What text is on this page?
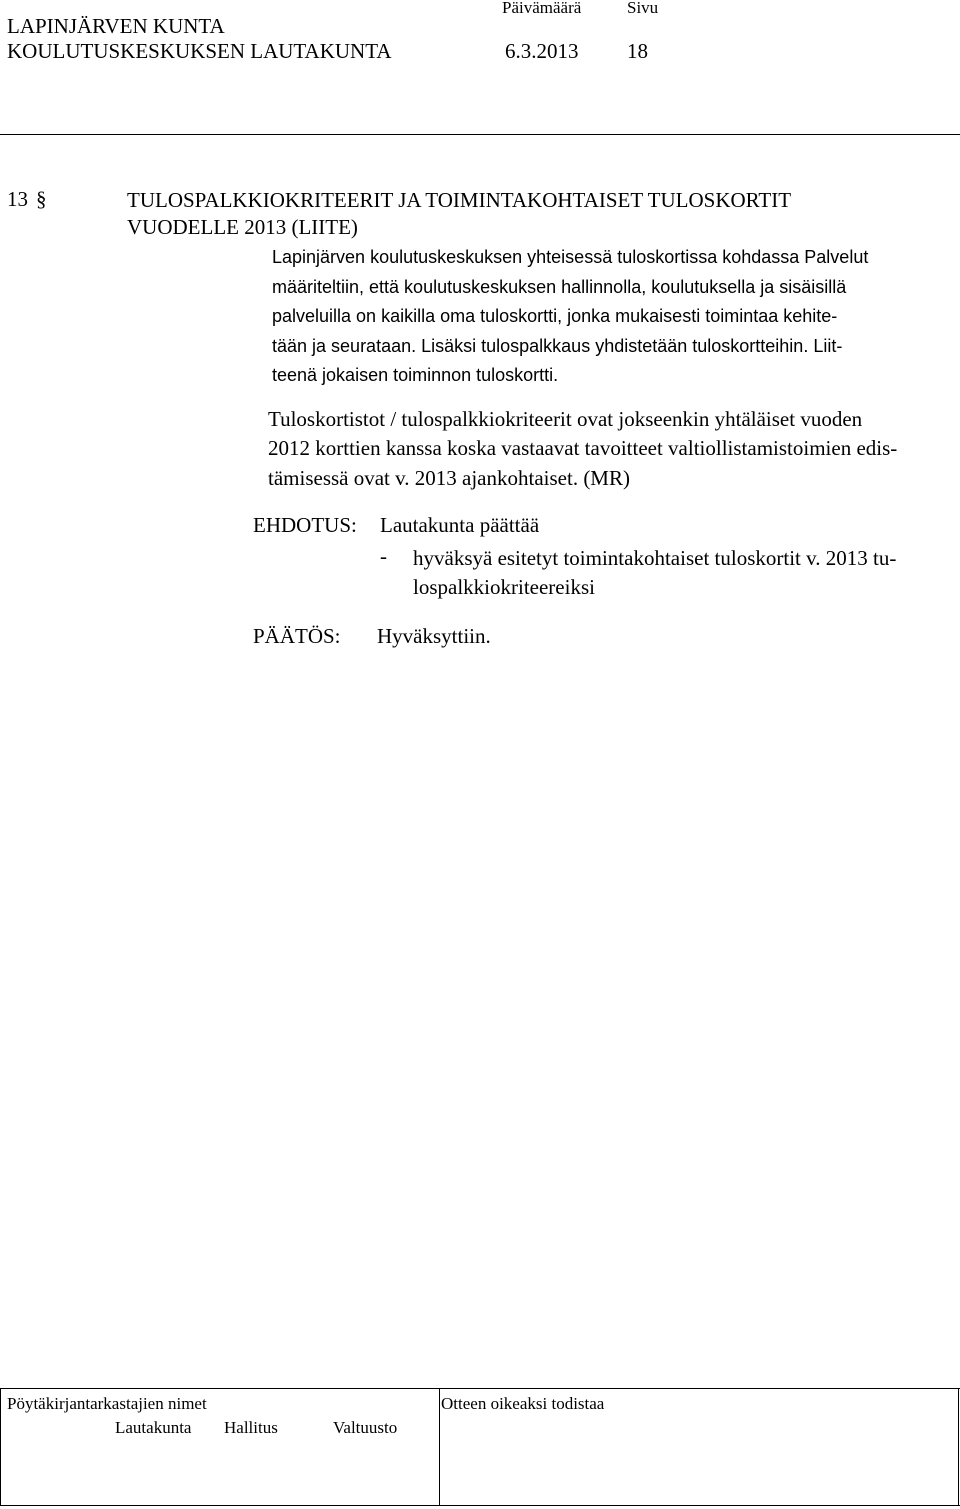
LAPINJÄRVEN KUNTA
Päivämäärä	Sivu
KOULUTUSKESKUKSEN LAUTAKUNTA	6.3.2013 18
13 §	TULOSPALKKIOKRITEERIT JA TOIMINTAKOHTAISET TULOSKORTIT
VUODELLE 2013 (LIITE)
Lapinjärven koulutuskeskuksen yhteisessä tuloskortissa kohdassa Palvelut
määriteltiin, että koulutuskeskuksen hallinnolla, koulutuksella ja sisäisillä
palveluilla on kaikilla oma tuloskortti, jonka mukaisesti toimintaa kehite-
tään ja seurataan. Lisäksi tulospalkkaus yhdistetään tuloskortteihin. Liit-
teenä jokaisen toiminnon tuloskortti.
Tuloskortistot / tulospalkkiokriteerit ovat jokseenkin yhtäläiset vuoden
2012 korttien kanssa koska vastaavat tavoitteet valtiollistamistoimien edis-
tämisessä ovat v. 2013 ajankohtaiset. (MR)
EHDOTUS: Lautakunta päättää
- hyväksyä esitetyt toimintakohtaiset tuloskortit v. 2013 tu-
lospalkkiokriteereiksi
PÄÄTÖS: Hyväksyttiin.
Pöytäkirjantarkastajien nimet	Otteen oikeaksi todistaa
Lautakunta Hallitus	Valtuusto
